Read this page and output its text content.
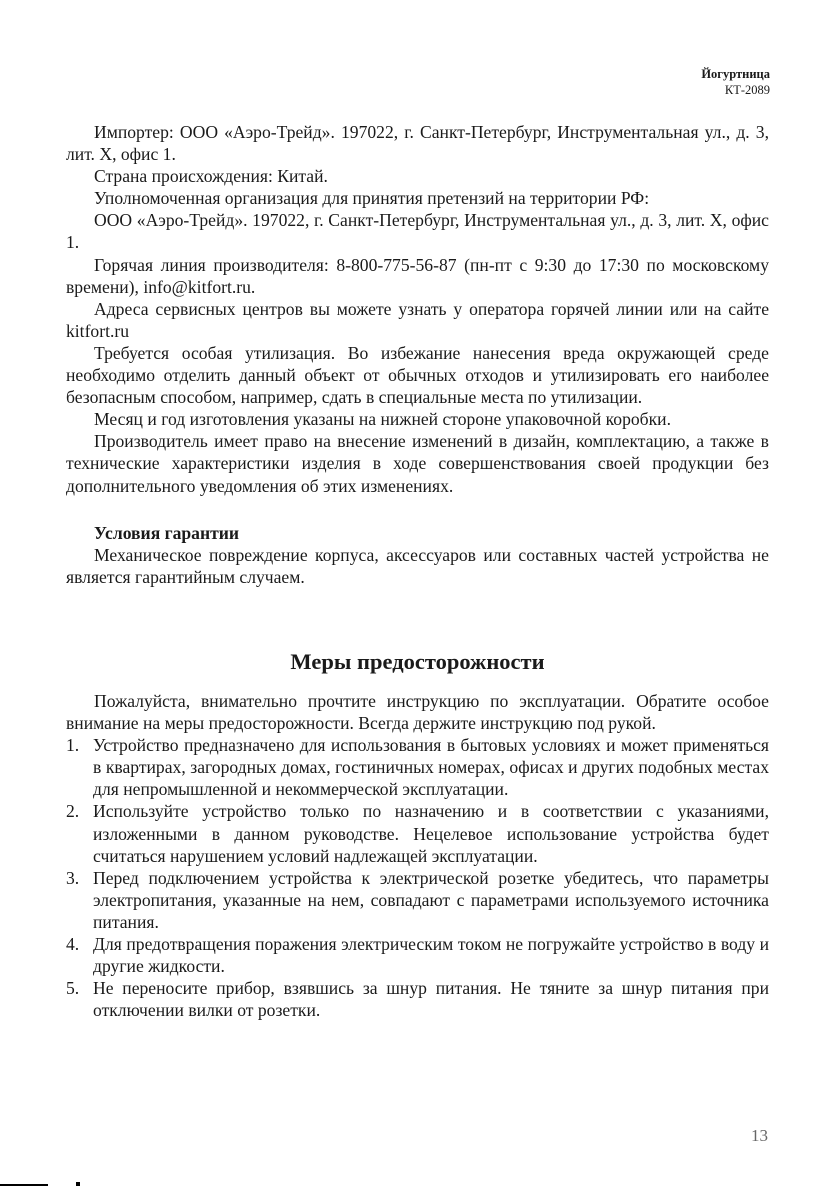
Йогуртница
КТ-2089

Импортер: ООО «Аэро-Трейд». 197022, г. Санкт-Петербург, Инструментальная ул., д. 3, лит. Х, офис 1.

Страна происхождения: Китай.

Уполномоченная организация для принятия претензий на территории РФ:

ООО «Аэро-Трейд». 197022, г. Санкт-Петербург, Инструментальная ул., д. 3, лит. Х, офис 1.

Горячая линия производителя: 8-800-775-56-87 (пн-пт с 9:30 до 17:30 по московскому времени), info@kitfort.ru.

Адреса сервисных центров вы можете узнать у оператора горячей линии или на сайте kitfort.ru

Требуется особая утилизация. Во избежание нанесения вреда окружающей среде необходимо отделить данный объект от обычных отходов и утилизировать его наиболее безопасным способом, например, сдать в специальные места по утилизации.

Месяц и год изготовления указаны на нижней стороне упаковочной коробки.

Производитель имеет право на внесение изменений в дизайн, комплектацию, а также в технические характеристики изделия в ходе совершенствования своей продукции без дополнительного уведомления об этих изменениях.

Условия гарантии

Механическое повреждение корпуса, аксессуаров или составных частей устройства не является гарантийным случаем.

Меры предосторожности

Пожалуйста, внимательно прочтите инструкцию по эксплуатации. Обратите особое внимание на меры предосторожности. Всегда держите инструкцию под рукой.

1. Устройство предназначено для использования в бытовых условиях и может применяться в квартирах, загородных домах, гостиничных номерах, офисах и других подобных местах для непромышленной и некоммерческой эксплуатации.
2. Используйте устройство только по назначению и в соответствии с указаниями, изложенными в данном руководстве. Нецелевое использование устройства будет считаться нарушением условий надлежащей эксплуатации.
3. Перед подключением устройства к электрической розетке убедитесь, что параметры электропитания, указанные на нем, совпадают с параметрами используемого источника питания.
4. Для предотвращения поражения электрическим током не погружайте устройство в воду и другие жидкости.
5. Не переносите прибор, взявшись за шнур питания. Не тяните за шнур питания при отключении вилки от розетки.
13
